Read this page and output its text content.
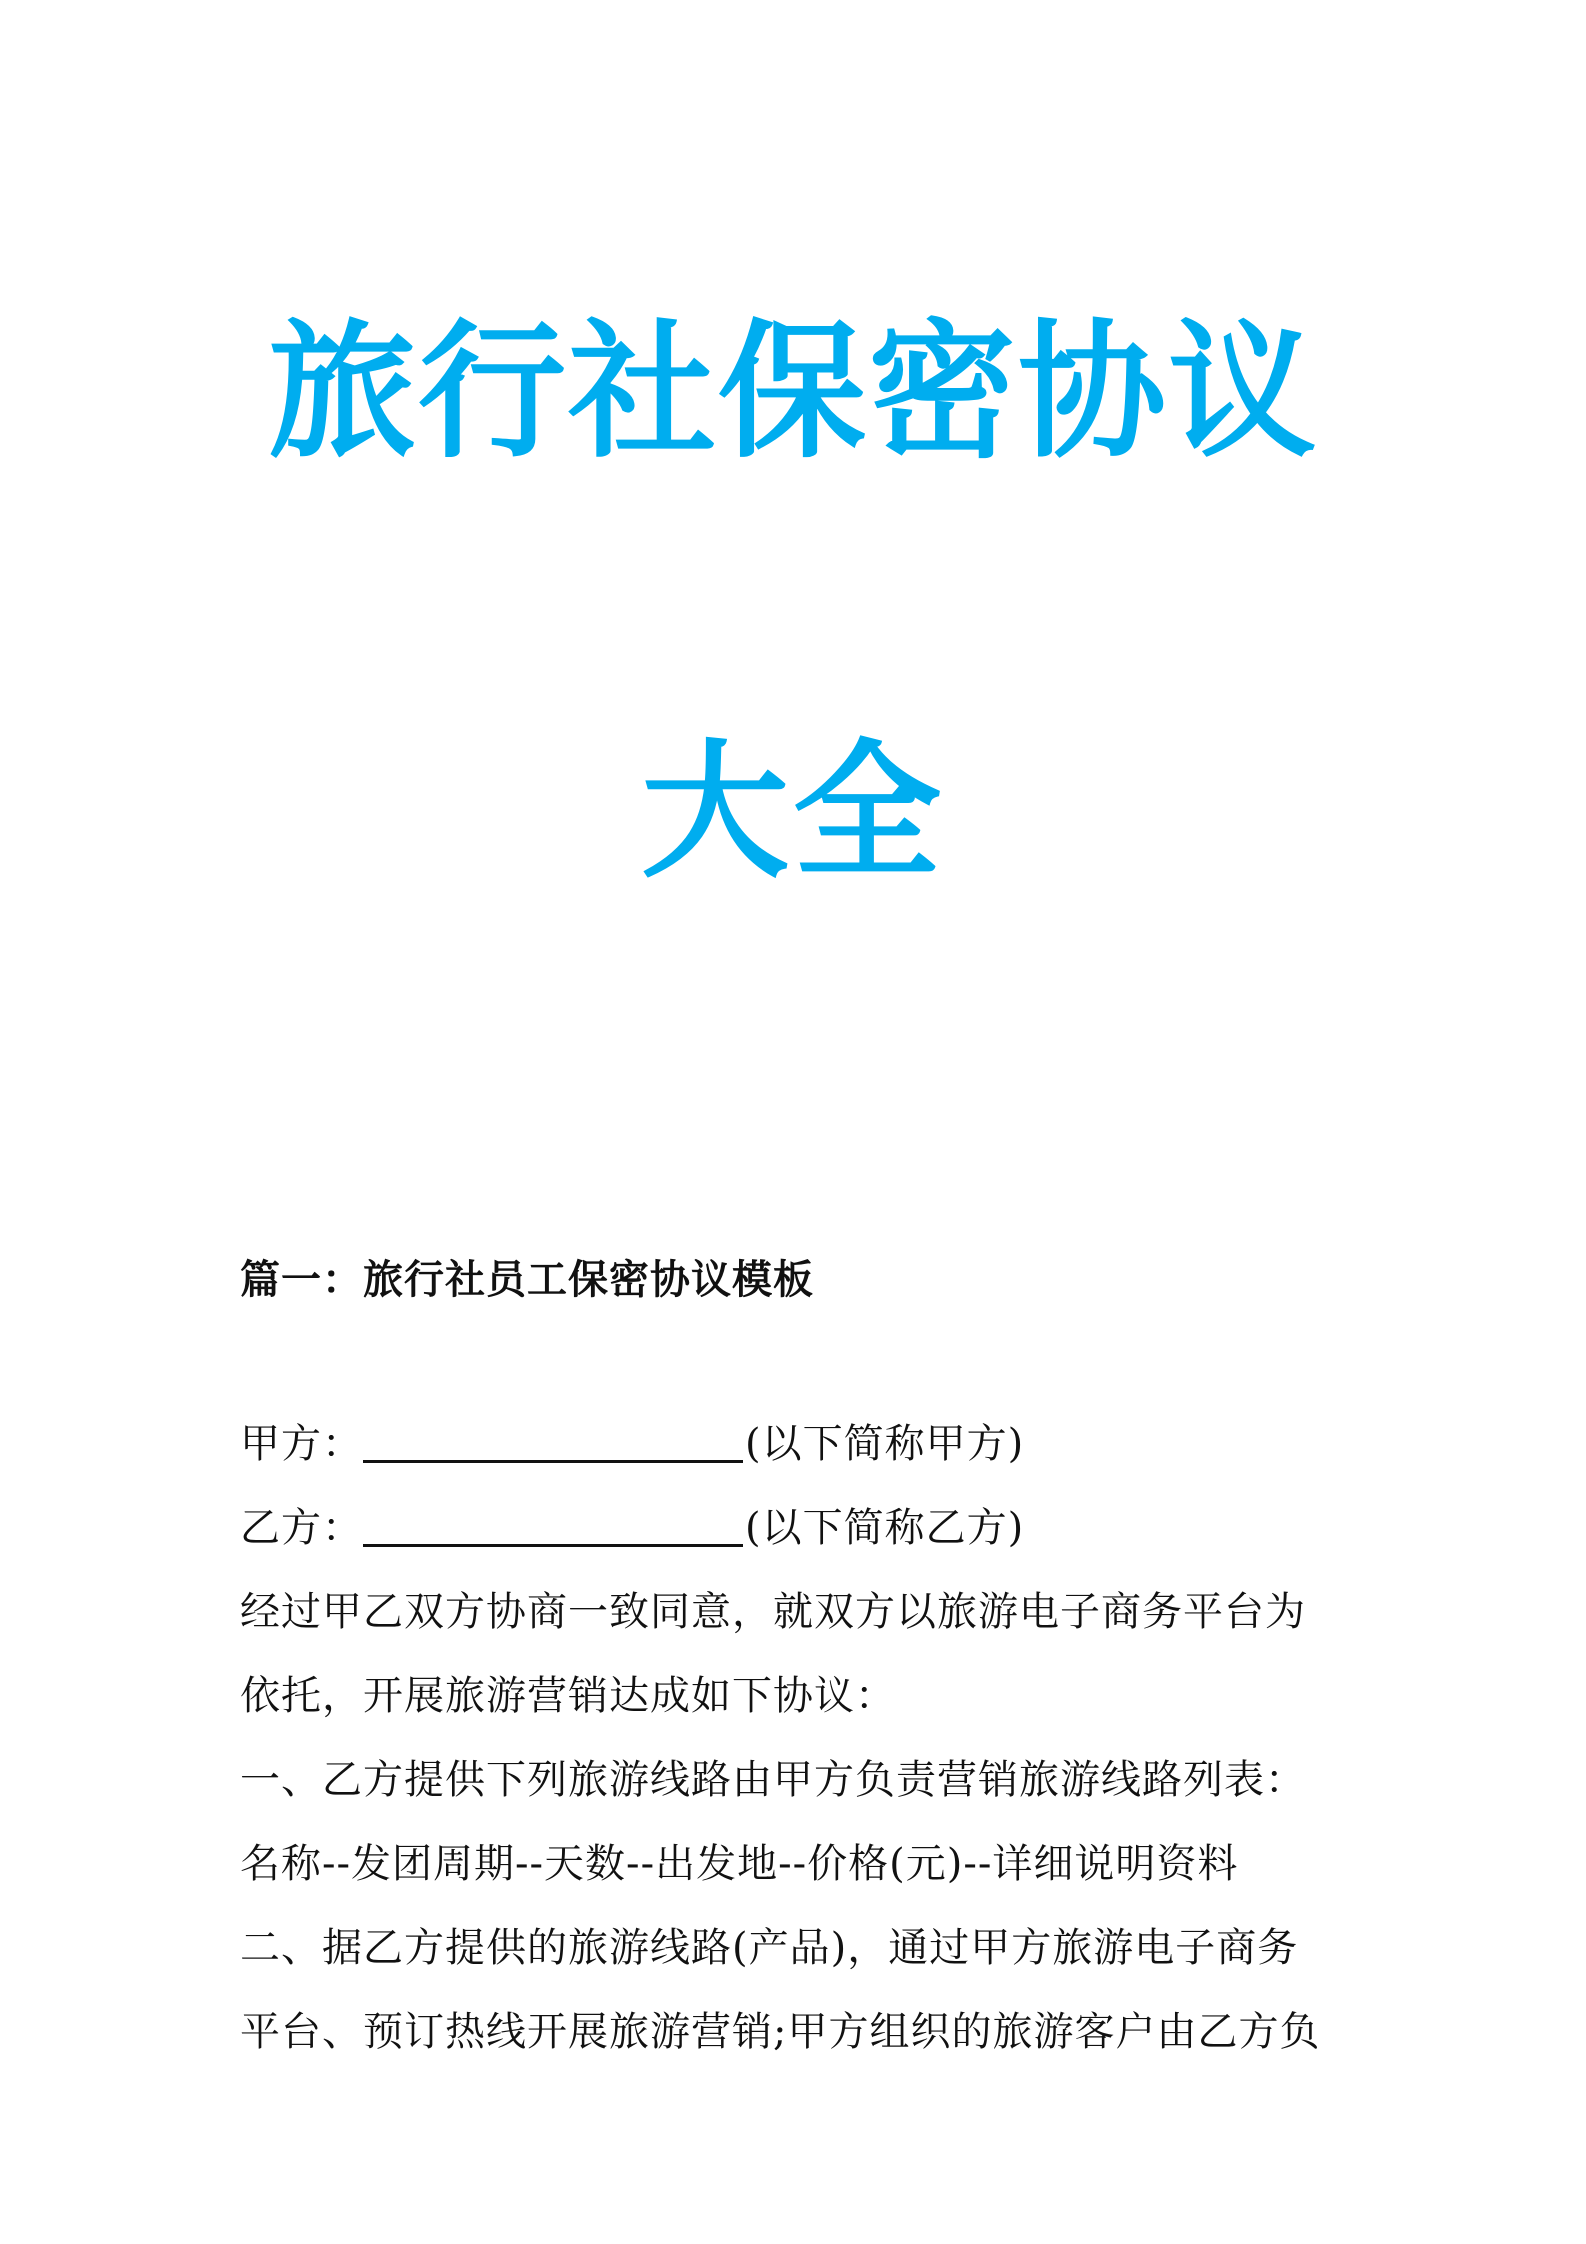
旅行社保密协议
大全

篇一：旅行社员工保密协议模板

甲方：	(以下简称甲方)

乙方：	(以下简称乙方)

经过甲乙双方协商一致同意，就双方以旅游电子商务平台为

依托，开展旅游营销达成如下协议：

一、乙方提供下列旅游线路由甲方负责营销旅游线路列表：

名称--发团周期--天数--出发地--价格(元)--详细说明资料

二、据乙方提供的旅游线路(产品)，通过甲方旅游电子商务

平台、预订热线开展旅游营销;甲方组织的旅游客户由乙方负
